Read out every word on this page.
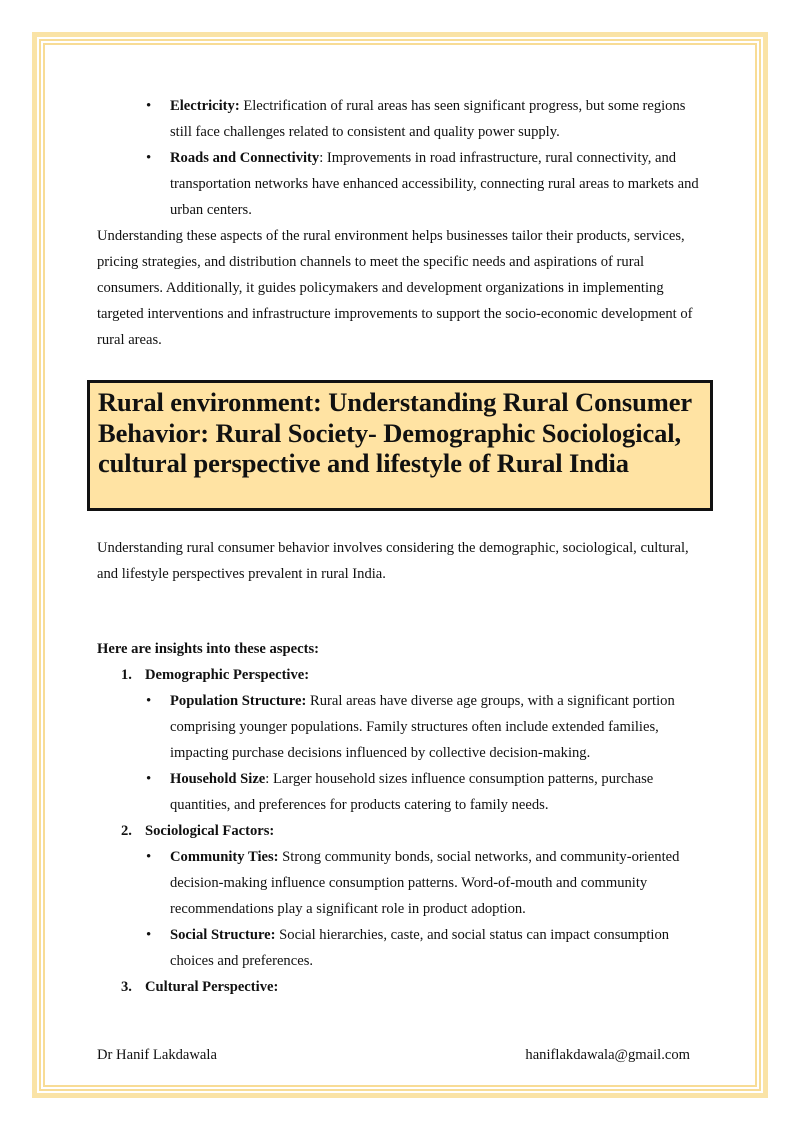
• Electricity: Electrification of rural areas has seen significant progress, but some regions still face challenges related to consistent and quality power supply.
• Roads and Connectivity: Improvements in road infrastructure, rural connectivity, and transportation networks have enhanced accessibility, connecting rural areas to markets and urban centers.

Understanding these aspects of the rural environment helps businesses tailor their products, services, pricing strategies, and distribution channels to meet the specific needs and aspirations of rural consumers. Additionally, it guides policymakers and development organizations in implementing targeted interventions and infrastructure improvements to support the socio-economic development of rural areas.

Rural environment: Understanding Rural Consumer Behavior: Rural Society- Demographic Sociological, cultural perspective and lifestyle of Rural India

Understanding rural consumer behavior involves considering the demographic, sociological, cultural, and lifestyle perspectives prevalent in rural India.

Here are insights into these aspects:
1. Demographic Perspective:
• Population Structure: Rural areas have diverse age groups, with a significant portion comprising younger populations. Family structures often include extended families, impacting purchase decisions influenced by collective decision-making.
• Household Size: Larger household sizes influence consumption patterns, purchase quantities, and preferences for products catering to family needs.
2. Sociological Factors:
• Community Ties: Strong community bonds, social networks, and community-oriented decision-making influence consumption patterns. Word-of-mouth and community recommendations play a significant role in product adoption.
• Social Structure: Social hierarchies, caste, and social status can impact consumption choices and preferences.
3. Cultural Perspective:
Dr Hanif Lakdawala	haniflakdawala@gmail.com
